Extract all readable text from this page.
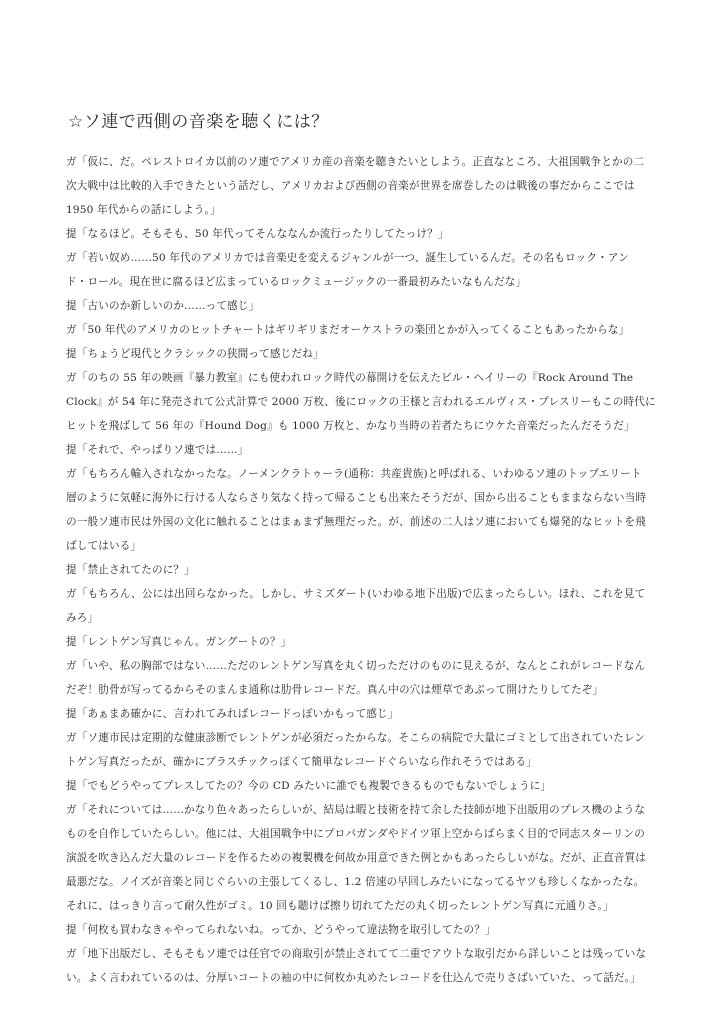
☆ソ連で西側の音楽を聴くには？
ガ「仮に、だ。ペレストロイカ以前のソ連でアメリカ産の音楽を聴きたいとしよう。正直なところ、大祖国戦争とかの二
次大戦中は比較的入手できたという話だし、アメリカおよび西側の音楽が世界を席巻したのは戦後の事だからここでは
1950 年代からの話にしよう。」
提「なるほど。そもそも、50 年代ってそんななんか流行ったりしてたっけ？」
ガ「若い奴め……50 年代のアメリカでは音楽史を変えるジャンルが一つ、誕生しているんだ。その名もロック・アン
ド・ロール。現在世に腐るほど広まっているロックミュージックの一番最初みたいなもんだな」
提「古いのか新しいのか……って感じ」
ガ「50 年代のアメリカのヒットチャートはギリギリまだオーケストラの楽団とかが入ってくることもあったからな」
提「ちょうど現代とクラシックの狭間って感じだね」
ガ「のちの 55 年の映画『暴力教室』にも使われロック時代の幕開けを伝えたビル・ヘイリーの『Rock Around The
Clock』が 54 年に発売されて公式計算で 2000 万枚、後にロックの王様と言われるエルヴィス・プレスリーもこの時代に
ヒットを飛ばして 56 年の『Hound Dog』も 1000 万枚と、かなり当時の若者たちにウケた音楽だったんだそうだ」
提「それで、やっぱりソ連では……」
ガ「もちろん輸入されなかったな。ノーメンクラトゥーラ(通称：共産貴族)と呼ばれる、いわゆるソ連のトップエリート
層のように気軽に海外に行ける人ならさり気なく持って帰ることも出来たそうだが、国から出ることもままならない当時
の一般ソ連市民は外国の文化に触れることはまぁまず無理だった。が、前述の二人はソ連においても爆発的なヒットを飛
ばしてはいる」
提「禁止されてたのに？」
ガ「もちろん、公には出回らなかった。しかし、サミズダート(いわゆる地下出版)で広まったらしい。ほれ、これを見て
みろ」
提「レントゲン写真じゃん。ガングートの？」
ガ「いや、私の胸部ではない……ただのレントゲン写真を丸く切っただけのものに見えるが、なんとこれがレコードなん
だぞ！肋骨が写ってるからそのまんま通称は肋骨レコードだ。真ん中の穴は煙草であぶって開けたりしてたぞ」
提「あぁまあ確かに、言われてみればレコードっぽいかもって感じ」
ガ「ソ連市民は定期的な健康診断でレントゲンが必須だったからな。そこらの病院で大量にゴミとして出されていたレン
トゲン写真だったが、確かにプラスチックっぽくて簡単なレコードぐらいなら作れそうではある」
提「でもどうやってプレスしてたの？今の CD みたいに誰でも複製できるものでもないでしょうに」
ガ「それについては……かなり色々あったらしいが、結局は暇と技術を持て余した技師が地下出版用のプレス機のような
ものを自作していたらしい。他には、大祖国戦争中にプロパガンダやドイツ軍上空からばらまく目的で同志スターリンの
演説を吹き込んだ大量のレコードを作るための複製機を何故か用意できた例とかもあったらしいがな。だが、正直音質は
最悪だな。ノイズが音楽と同じぐらいの主張してくるし、1.2 倍速の早回しみたいになってるヤツも珍しくなかったな。
それに、はっきり言って耐久性がゴミ。10 回も聴けば擦り切れてただの丸く切ったレントゲン写真に元通りさ。」
提「何枚も買わなきゃやってられないね。ってか、どうやって違法物を取引してたの？」
ガ「地下出版だし、そもそもソ連では任官での商取引が禁止されてて二重でアウトな取引だから詳しいことは残っていな
い。よく言われているのは、分厚いコートの袖の中に何枚か丸めたレコードを仕込んで売りさばいていた、って話だ。」
